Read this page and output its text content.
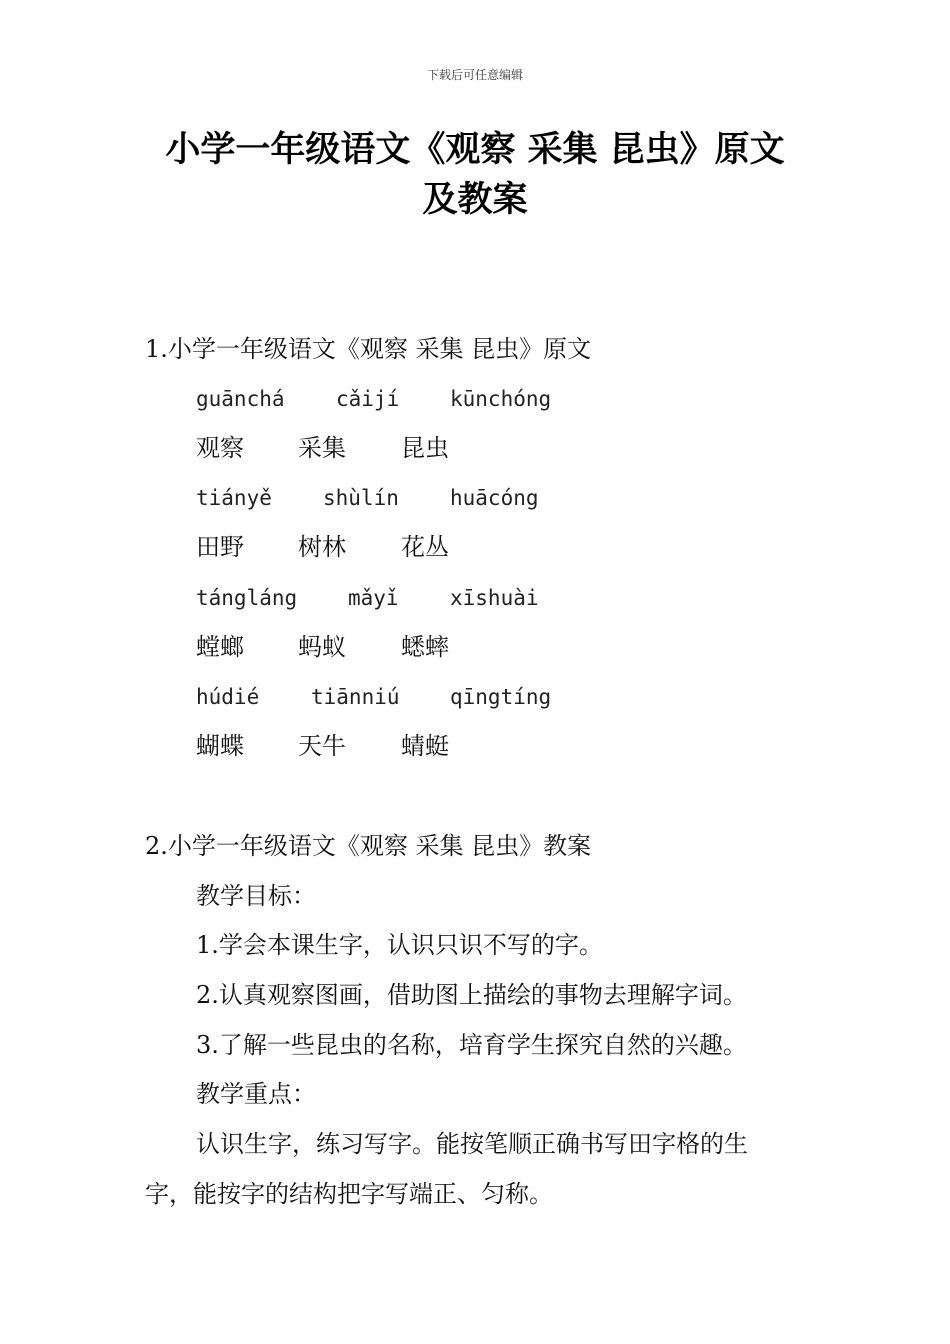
下载后可任意编辑
小学一年级语文《观察 采集 昆虫》原文
及教案
1.小学一年级语文《观察 采集 昆虫》原文
guānchá cǎijí kūnchóng
观察 采集 昆虫
tiányě shùlín huācóng
田野 树林 花丛
tángláng mǎyǐ xīshuài
螳螂 蚂蚁 蟋蟀
húdié tiānniú qīngtíng
蝴蝶 天牛 蜻蜓
2.小学一年级语文《观察 采集 昆虫》教案
教学目标：
1.学会本课生字，认识只识不写的字。
2.认真观察图画，借助图上描绘的事物去理解字词。
3.了解一些昆虫的名称，培育学生探究自然的兴趣。
教学重点：
认识生字，练习写字。能按笔顺正确书写田字格的生
字，能按字的结构把字写端正、匀称。
